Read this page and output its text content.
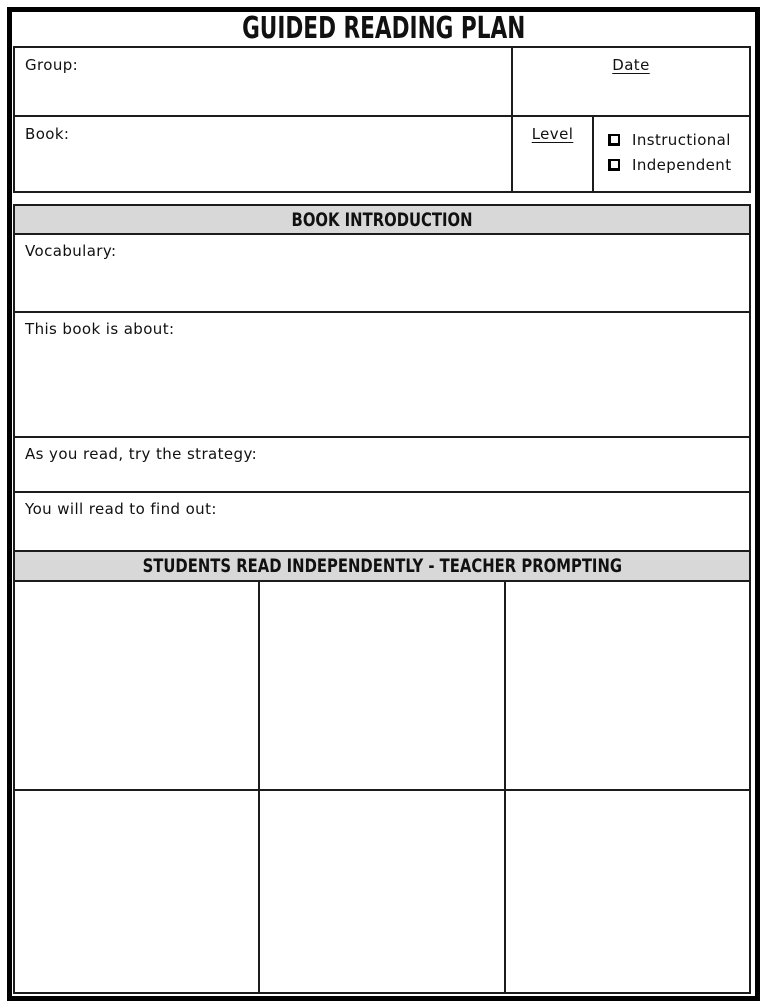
GUIDED READING PLAN
Group:	Date
Book:	Level	Instructional
Independent
BOOK INTRODUCTION
Vocabulary:
This book is about:
As you read, try the strategy:
You will read to find out:
STUDENTS READ INDEPENDENTLY - TEACHER PROMPTING
